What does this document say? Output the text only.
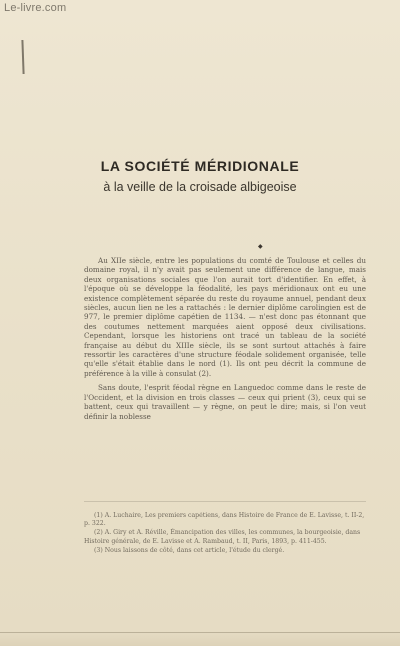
Le-livre.com
LA SOCIÉTÉ MÉRIDIONALE

à la veille de la croisade albigeoise

◆

Au XIIe siècle, entre les populations du comté de Toulouse et celles du domaine royal, il n'y avait pas seulement une différence de langue, mais deux organisations sociales que l'on aurait tort d'identifier. En effet, à l'époque où se développe la féodalité, les pays méridionaux ont eu une existence complètement séparée du reste du royaume annuel, pendant deux siècles, aucun lien ne les a rattachés : le dernier diplôme carolingien est de 977, le premier diplôme capétien de 1134. — n'est donc pas étonnant que des coutumes nettement marquées aient opposé deux civilisations. Cependant, lorsque les historiens ont tracé un tableau de la société française au début du XIIIe siècle, ils se sont surtout attachés à faire ressortir les caractères d'une structure féodale solidement organisée, telle qu'elle s'était établie dans le nord (1). Ils ont peu décrit la commune de préférence à la ville à consulat (2).

Sans doute, l'esprit féodal règne en Languedoc comme dans le reste de l'Occident, et la division en trois classes — ceux qui prient (3), ceux qui se battent, ceux qui travaillent — y règne, on peut le dire; mais, si l'on veut définir la noblesse

(1) A. Luchaire, Les premiers capétiens, dans Histoire de France de E. Lavisse, t. II-2, p. 322.

(2) A. Giry et A. Réville, Émancipation des villes, les communes, la bourgeoisie, dans Histoire générale, de E. Lavisse et A. Rambaud, t. II, Paris, 1893, p. 411-455.

(3) Nous laissons de côté, dans cet article, l'étude du clergé.
